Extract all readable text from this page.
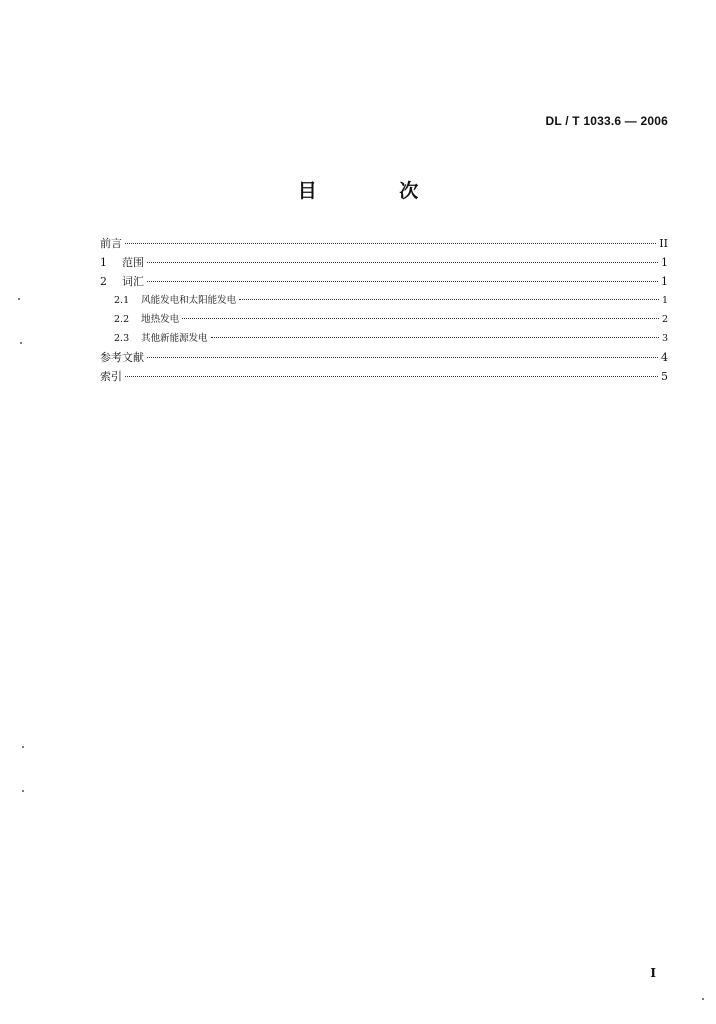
DL / T 1033.6 — 2006
目 次
前言	II
1	范围	1
2	词汇	1
2.1 风能发电和太阳能发电	1
2.2 地热发电	2
2.3 其他新能源发电	3
参考文献	4
索引	5
I
